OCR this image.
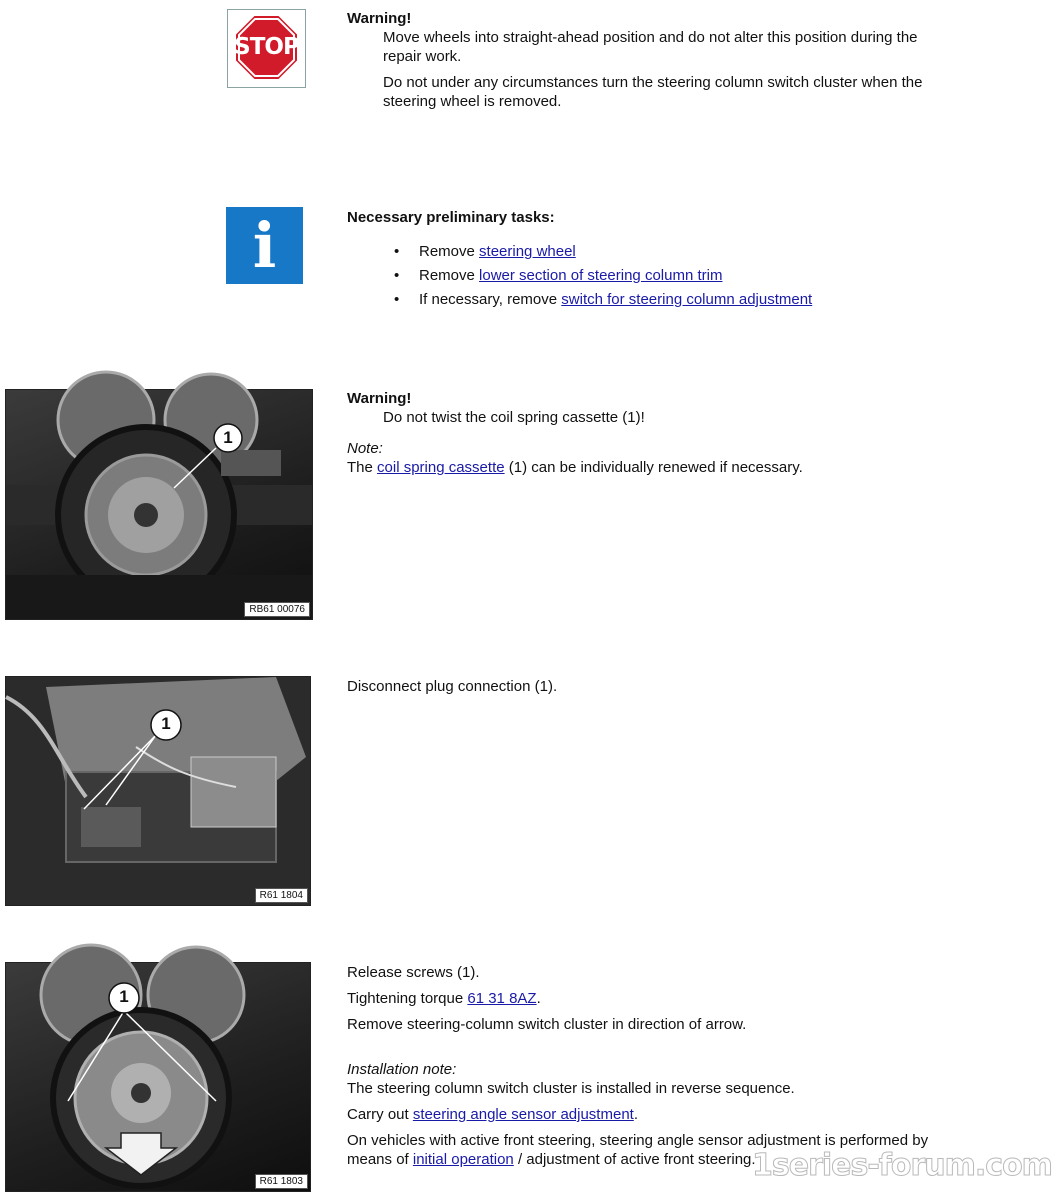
STOP
Warning!
Move wheels into straight-ahead position and do not alter this position during the repair work.
Do not under any circumstances turn the steering column switch cluster when the steering wheel is removed.
i	Necessary preliminary tasks:
• Remove steering wheel
• Remove lower section of steering column trim
• If necessary, remove switch for steering column adjustment
1
RB61 00076
Warning!
Do not twist the coil spring cassette (1)!
Note:
The coil spring cassette (1) can be individually renewed if necessary.
1
R61 1804
Disconnect plug connection (1).
1
R61 1803
Release screws (1).
Tightening torque 61 31 8AZ.
Remove steering-column switch cluster in direction of arrow.
Installation note:
The steering column switch cluster is installed in reverse sequence.
Carry out steering angle sensor adjustment.
On vehicles with active front steering, steering angle sensor adjustment is performed by means of initial operation / adjustment of active front steering.
1series-forum.com
